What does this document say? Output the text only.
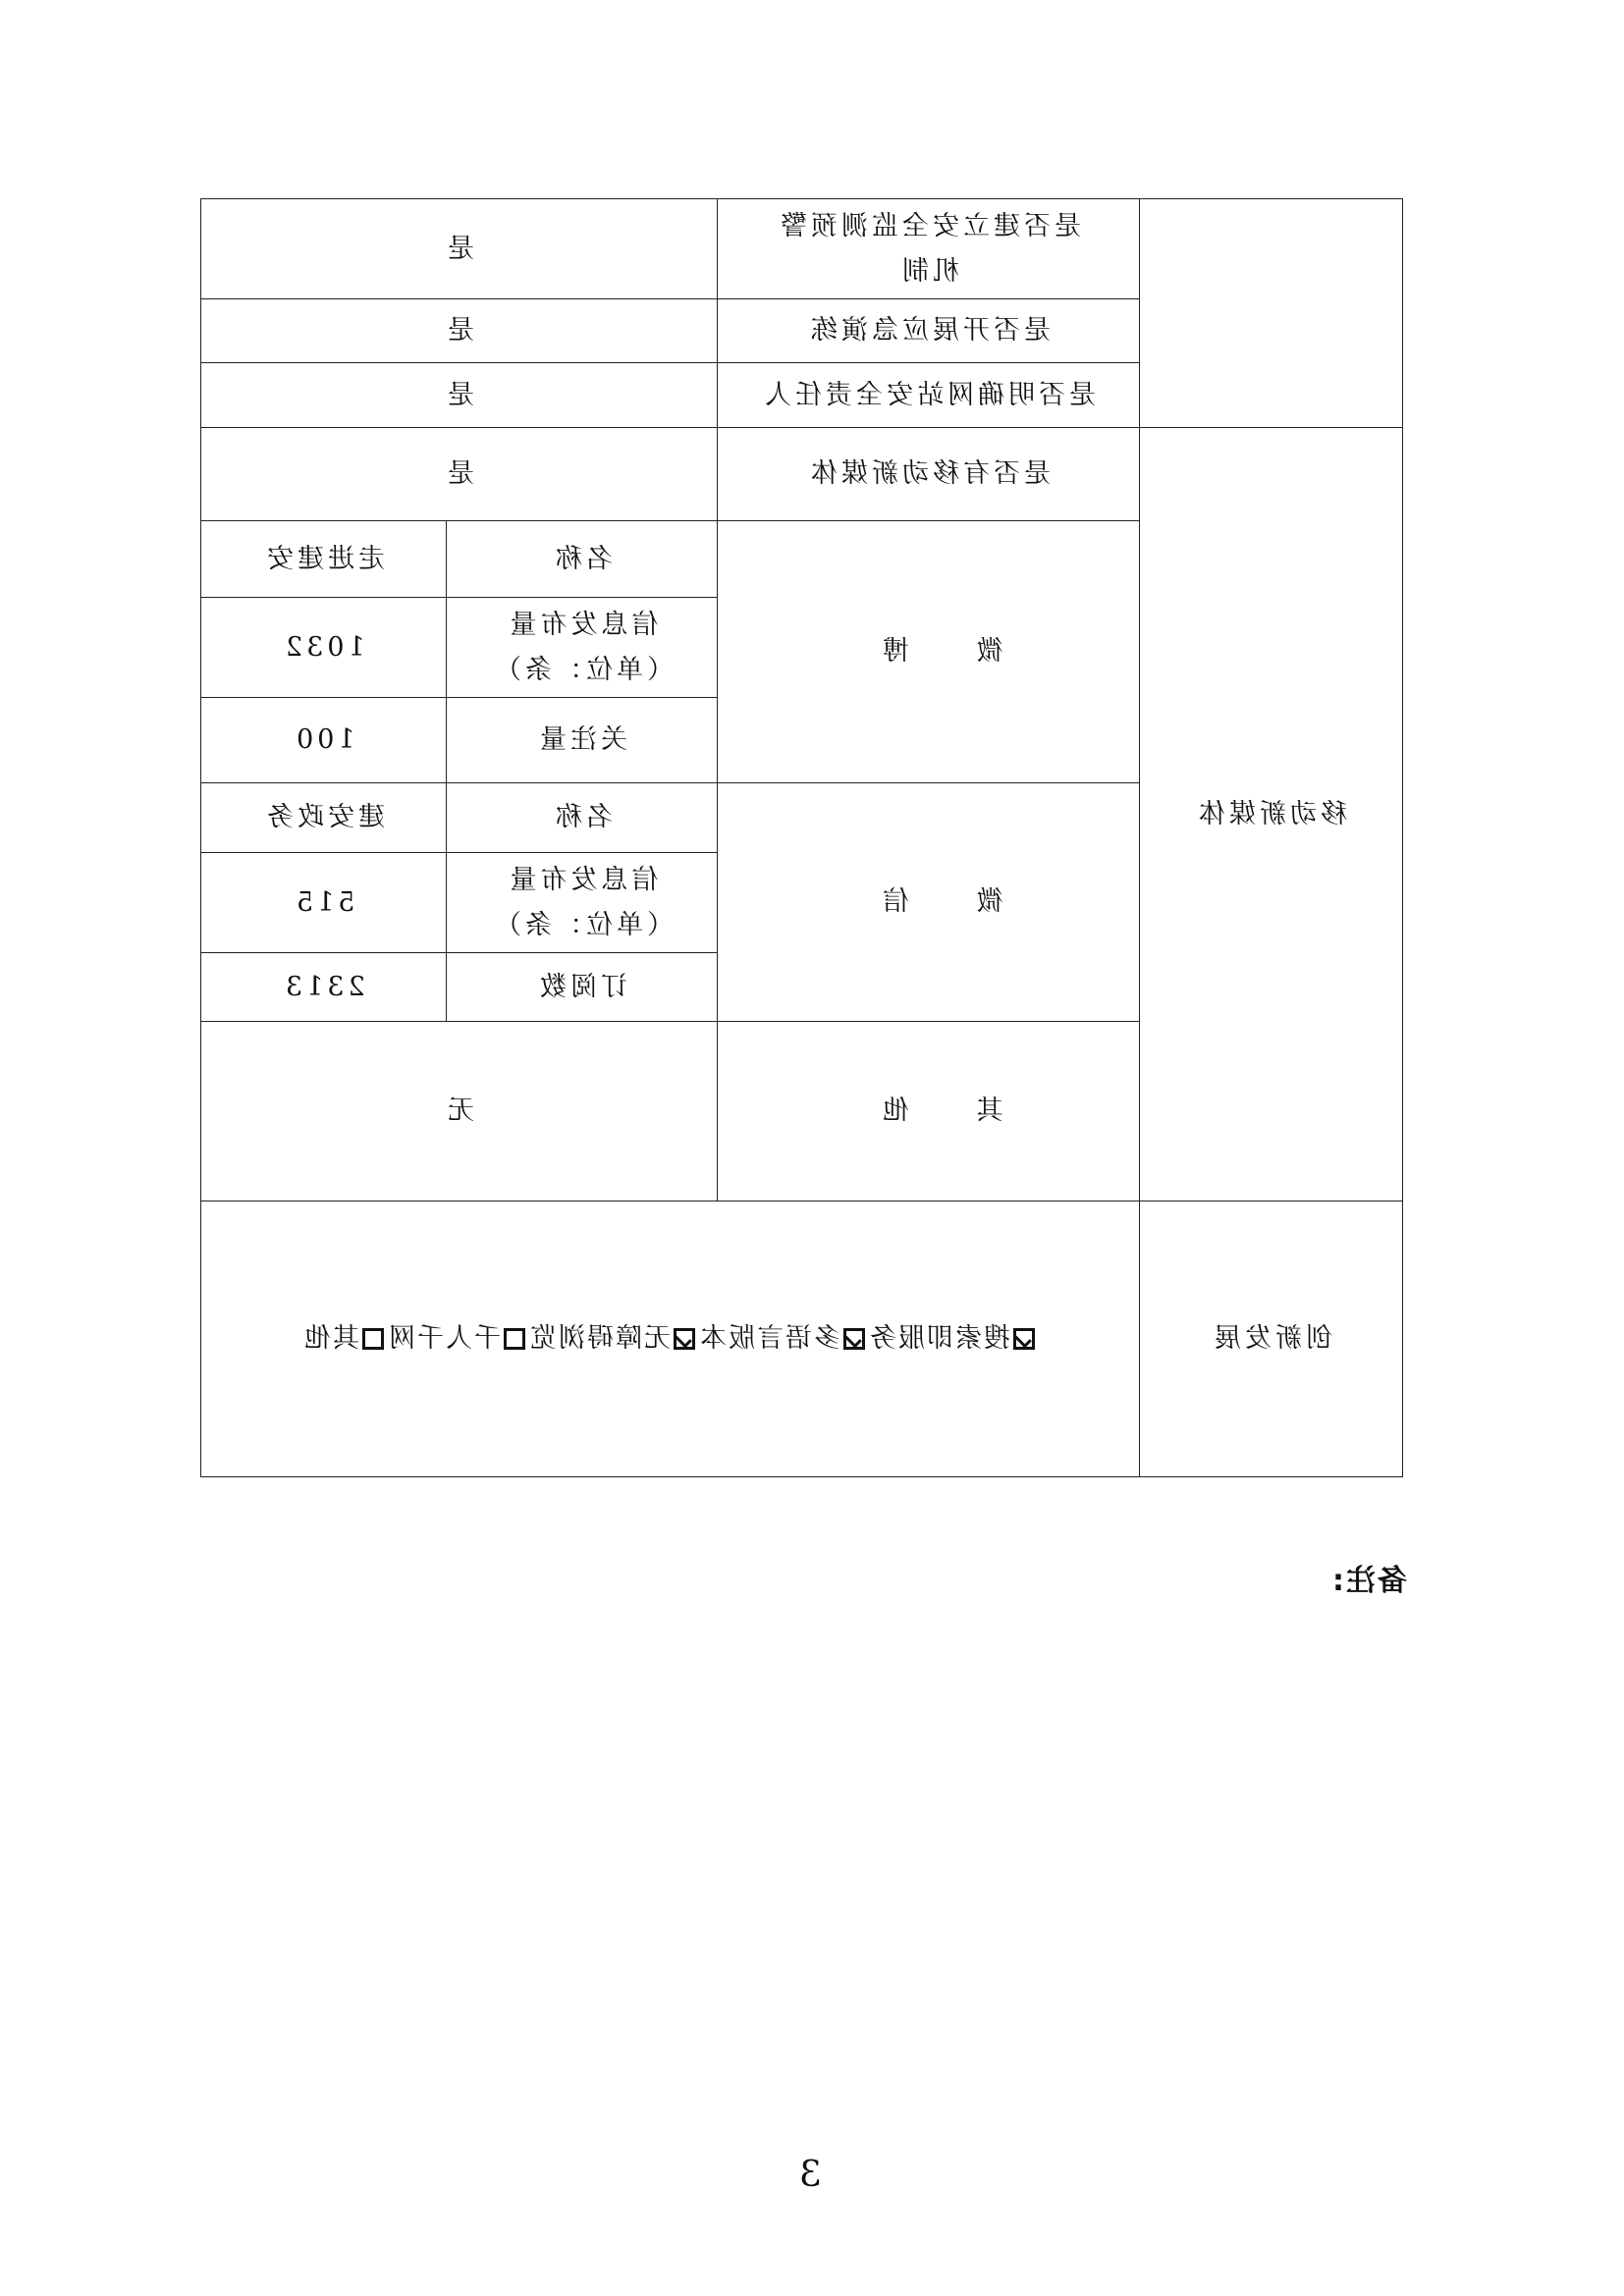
是		是否建立安全监测预警机制	
是		是否开展应急演练	
是		是否明确网站安全责任人	
是		是否有移动新媒体	移动新媒体
走进建安	名称	微 博	
1032	信息发布量（单位：条）		
100	关注量		
建安政务	名称	微 信	
515	信息发布量（单位：条）		
2313	订阅数		
无		其 他	
搜索即服务多语言版本无障碍浏览千人千网其他			创新发展
备注:
3
